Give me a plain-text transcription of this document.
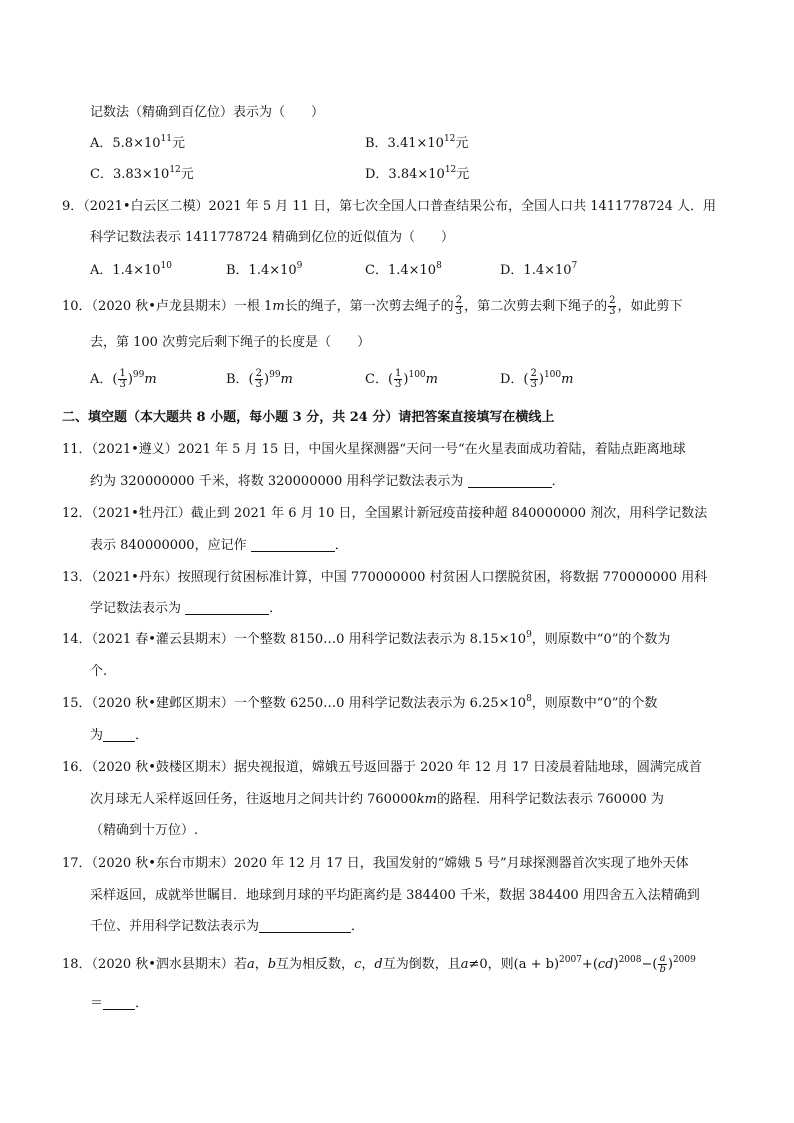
记数法（精确到百亿位）表示为（　　）
A．$5.8\times 10^{11}$元	B．$3.41\times 10^{12}$元
C．$3.83\times 10^{12}$元	D．$3.84\times 10^{12}$元
9．（2021•白云区二模）2021 年 5 月 11 日，第七次全国人口普查结果公布，全国人口共 1411778724 人．用
科学记数法表示 1411778724 精确到亿位的近似值为（　　）
A．$1.4\times 10^{10}$	B．$1.4\times 10^9$	C．$1.4\times 10^8$	D．$1.4\times 10^7$
10．（2020 秋•卢龙县期末）一根 1m长的绳子，第一次剪去绳子的 $\frac{2}{3}$ ，第二次剪去剩下绳子的 $\frac{2}{3}$ ，如此剪下
去，第 100 次剪完后剩下绳子的长度是（　　）
A．( $\frac{1}{3} )^{99}m$	B．( $\frac{2}{3} )^{99}m$	C．( $\frac{1}{3} )^{100}m$	D．( $\frac{2}{3} )^{100}m$
二、填空题（本大题共 8 小题，每小题 3 分，共 24 分）请把答案直接填写在横线上
11．（2021•遵义）2021 年 5 月 15 日，中国火星探测器“天问一号“在火星表面成功着陆，着陆点距离地球
约为 320000000 千米，将数 320000000 用科学记数法表示为	．
12．（2021•牡丹江）截止到 2021 年 6 月 10 日，全国累计新冠疫苗接种超 840000000 剂次，用科学记数法
表示 840000000，应记作	．
13．（2021•丹东）按照现行贫困标准计算，中国 770000000 村贫困人口摆脱贫困，将数据 770000000 用科
学记数法表示为	．
14．（2021 春•灌云县期末）一个整数 8150…0 用科学记数法表示为 $8.15\times 10^9$，则原数中“0”的个数为
个.
15．（2020 秋•建邺区期末）一个整数 6250…0 用科学记数法表示为 $6.25\times 10^8$，则原数中“0”的个数
为 ．
16．（2020 秋•鼓楼区期末）据央视报道，嫦娥五号返回器于 2020 年 12 月 17 日凌晨着陆地球，圆满完成首
次月球无人采样返回任务，往返地月之间共计约 760000km的路程．用科学记数法表示 760000 为
（精确到十万位）.
17．（2020 秋•东台市期末）2020 年 12 月 17 日，我国发射的“嫦娥 5 号”月球探测器首次实现了地外天体
采样返回，成就举世瞩目．地球到月球的平均距离约是 384400 千米，数据 384400 用四舍五入法精确到
千位、并用科学记数法表示为	．
18．（2020 秋•泗水县期末）若a，b互为相反数，c，d互为倒数，且a≠0，则$(a + b)^{2007}+(cd)^{2008}-( \frac{a}{b} )^{2009}$
＝ ．
